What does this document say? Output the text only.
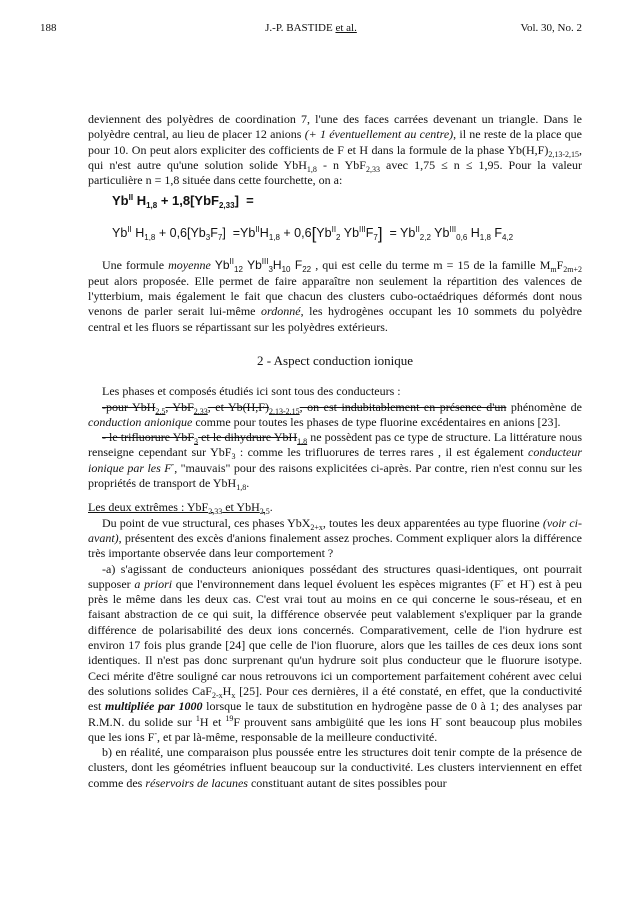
188	J.-P. BASTIDE et al.	Vol. 30, No. 2

deviennent des polyèdres de coordination 7, l'une des faces carrées devenant un triangle. Dans le polyèdre central, au lieu de placer 12 anions (+ 1 éventuellement au centre), il ne reste de la place que pour 10. On peut alors expliciter des cofficients de F et H dans la formule de la phase $Yb(H,F)_{2,13-2,15}$, qui n'est autre qu'une solution solide YbH$_{1,8}$ - n YbF$_{2,33}$ avec 1,75 ≤ n ≤ 1,95. Pour la valeur particulière n = 1,8 située dans cette fourchette, on a:

$Yb^{II}$ $H_{1,8} + 1,8[YbF_{2,33}]$  =
$Yb^{II}$ $H_{1,8} + 0,6[Yb_3F_7] =Yb^{II}H_{1,8} + 0,6[Yb^{II}_2$ $Yb^{III}F_7] = Yb^{II}_{2,2}$ $Yb^{III}_{0,6}$ $H_{1,8}$ $F_{4,2}$

Une formule moyenne $Yb^{II}_{12}$ $Yb^{III}_3H_{10}$ $F_{22}$ , qui est celle du terme m = 15 de la famille $M_mF_{2m+2}$ peut alors proposée. Elle permet de faire apparaître non seulement la répartition des valences de l'ytterbium, mais également le fait que chacun des clusters cubo-octaédriques déformés dont nous venons de parler serait lui-même ordonné, les hydrogènes occupant les 10 sommets du polyèdre central et les fluors se répartissant sur les polyèdres extérieurs.

2 - Aspect conduction ionique

Les phases et composés étudiés ici sont tous des conducteurs :

-pour YbH$_{2,5}$, YbF$_{2,33}$, et $Yb(H,F)_{2,13-2,15}$, on est indubitablement en présence d'un phénomène de conduction anionique comme pour toutes les phases de type fluorine excédentaires en anions [23].

- le trifluorure YbF$_3$ et le dihydrure YbH$_{1,8}$ ne possèdent pas ce type de structure. La littérature nous renseigne cependant sur YbF$_3$ : comme les trifluorures de terres rares , il est également conducteur ionique par les F-, "mauvais" pour des raisons explicitées ci-après. Par contre, rien n'est connu sur les propriétés de transport de YbH$_{1,8}$.

Les deux extrêmes : YbF$_{2,33}$ et YbH$_{2,5}$.

Du point de vue structural, ces phases YbX$_{2+x}$, toutes les deux apparentées au type fluorine (voir ci-avant), présentent des excès d'anions finalement assez proches. Comment expliquer alors la différence très importante observée dans leur comportement ?

-a) s'agissant de conducteurs anioniques possédant des structures quasi-identiques, ont pourrait supposer a priori que l'environnement dans lequel évoluent les espèces migrantes (F- et H-) est à peu près le même dans les deux cas. C'est vrai tout au moins en ce qui concerne le sous-réseau, et en faisant abstraction de ce qui suit, la différence observée peut valablement s'expliquer par la grande différence de polarisabilité des deux ions concernés. Comparativement, celle de l'ion hydrure est environ 17 fois plus grande [24] que celle de l'ion fluorure, alors que les tailles de ces deux ions sont identiques. Il n'est pas donc surprenant qu'un hydrure soit plus conducteur que le fluorure isotype. Ceci mérite d'être souligné car nous retrouvons ici un comportement parfaitement cohérent avec celui des solutions solides $CaF_{2-x}H_x$ [25]. Pour ces dernières, il a été constaté, en effet, que la conductivité est multipliée par 1000 lorsque le taux de substitution en hydrogène passe de 0 à 1; des analyses par R.M.N. du solide sur $^1$H et $^{19}$F prouvent sans ambigüité que les ions H- sont beaucoup plus mobiles que les ions F-, et par là-même, responsable de la meilleure conductivité.

b) en réalité, une comparaison plus poussée entre les structures doit tenir compte de la présence de clusters, dont les géométries influent beaucoup sur la conductivité. Les clusters interviennent en effet comme des réservoirs de lacunes constituant autant de sites possibles pour
